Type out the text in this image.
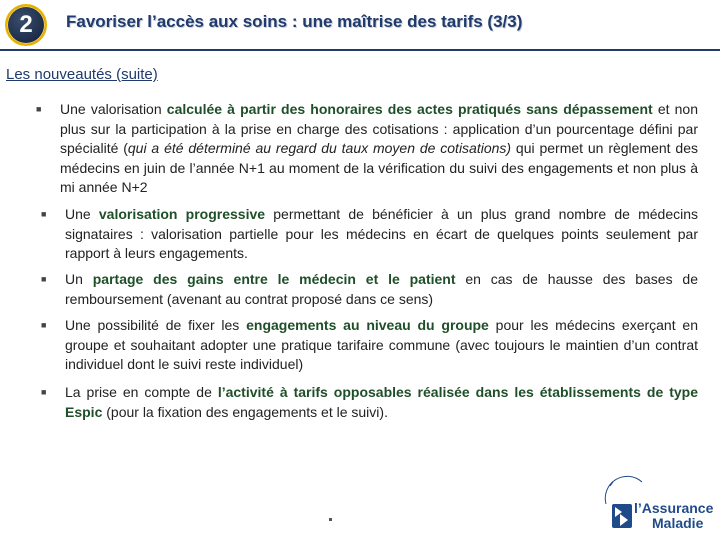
2 Favoriser l’accès aux soins : une maîtrise des tarifs (3/3)
Les nouveautés (suite)
■ Une valorisation calculée à partir des honoraires des actes pratiqués sans dépassement et non plus sur la participation à la prise en charge des cotisations : application d’un pourcentage défini par spécialité (qui a été déterminé au regard du taux moyen de cotisations) qui permet un règlement des médecins en juin de l’année N+1 au moment de la vérification du suivi des engagements et non plus à mi année N+2
■ Une valorisation progressive permettant de bénéficier à un plus grand nombre de médecins signataires : valorisation partielle pour les médecins en écart de quelques points seulement par rapport à leurs engagements.
■ Un partage des gains entre le médecin et le patient en cas de hausse des bases de remboursement (avenant au contrat proposé dans ce sens)
■ Une possibilité de fixer les engagements au niveau du groupe pour les médecins exerçant en groupe et souhaitant adopter une pratique tarifaire commune (avec toujours le maintien d’un contrat individuel dont le suivi reste individuel)
■ La prise en compte de l’activité à tarifs opposables réalisée dans les établissements de type Espic (pour la fixation des engagements et le suivi).
l’Assurance
Maladie
